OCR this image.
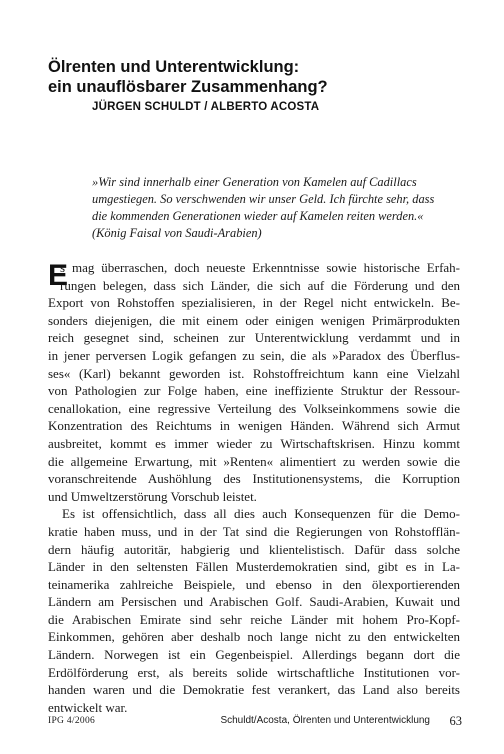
Ölrenten und Unterentwicklung:
ein unauflösbarer Zusammenhang?
JÜRGEN SCHULDT / ALBERTO ACOSTA
»Wir sind innerhalb einer Generation von Kamelen auf Cadillacs
umgestiegen. So verschwenden wir unser Geld. Ich fürchte sehr, dass
die kommenden Generationen wieder auf Kamelen reiten werden.«
(König Faisal von Saudi-Arabien)
E
s mag überraschen, doch neueste Erkenntnisse sowie historische Erfah-
rungen belegen, dass sich Länder, die sich auf die Förderung und den
Export von Rohstoffen spezialisieren, in der Regel nicht entwickeln. Be-
sonders diejenigen, die mit einem oder einigen wenigen Primärprodukten
reich gesegnet sind, scheinen zur Unterentwicklung verdammt und in
in jener perversen Logik gefangen zu sein, die als »Paradox des Überflus-
ses« (Karl) bekannt geworden ist. Rohstoffreichtum kann eine Vielzahl
von Pathologien zur Folge haben, eine ineffiziente Struktur der Ressour-
cenallokation, eine regressive Verteilung des Volkseinkommens sowie die
Konzentration des Reichtums in wenigen Händen. Während sich Armut
ausbreitet, kommt es immer wieder zu Wirtschaftskrisen. Hinzu kommt
die allgemeine Erwartung, mit »Renten« alimentiert zu werden sowie die
voranschreitende Aushöhlung des Institutionensystems, die Korruption
und Umweltzerstörung Vorschub leistet.
Es ist offensichtlich, dass all dies auch Konsequenzen für die Demo-
kratie haben muss, und in der Tat sind die Regierungen von Rohstofflän-
dern häufig autoritär, habgierig und klientelistisch. Dafür dass solche
Länder in den seltensten Fällen Musterdemokratien sind, gibt es in La-
teinamerika zahlreiche Beispiele, und ebenso in den ölexportierenden
Ländern am Persischen und Arabischen Golf. Saudi-Arabien, Kuwait und
die Arabischen Emirate sind sehr reiche Länder mit hohem Pro-Kopf-
Einkommen, gehören aber deshalb noch lange nicht zu den entwickelten
Ländern. Norwegen ist ein Gegenbeispiel. Allerdings begann dort die
Erdölförderung erst, als bereits solide wirtschaftliche Institutionen vor-
handen waren und die Demokratie fest verankert, das Land also bereits
entwickelt war.
IPG 4/2006	Schuldt/Acosta, Ölrenten und Unterentwicklung 63
